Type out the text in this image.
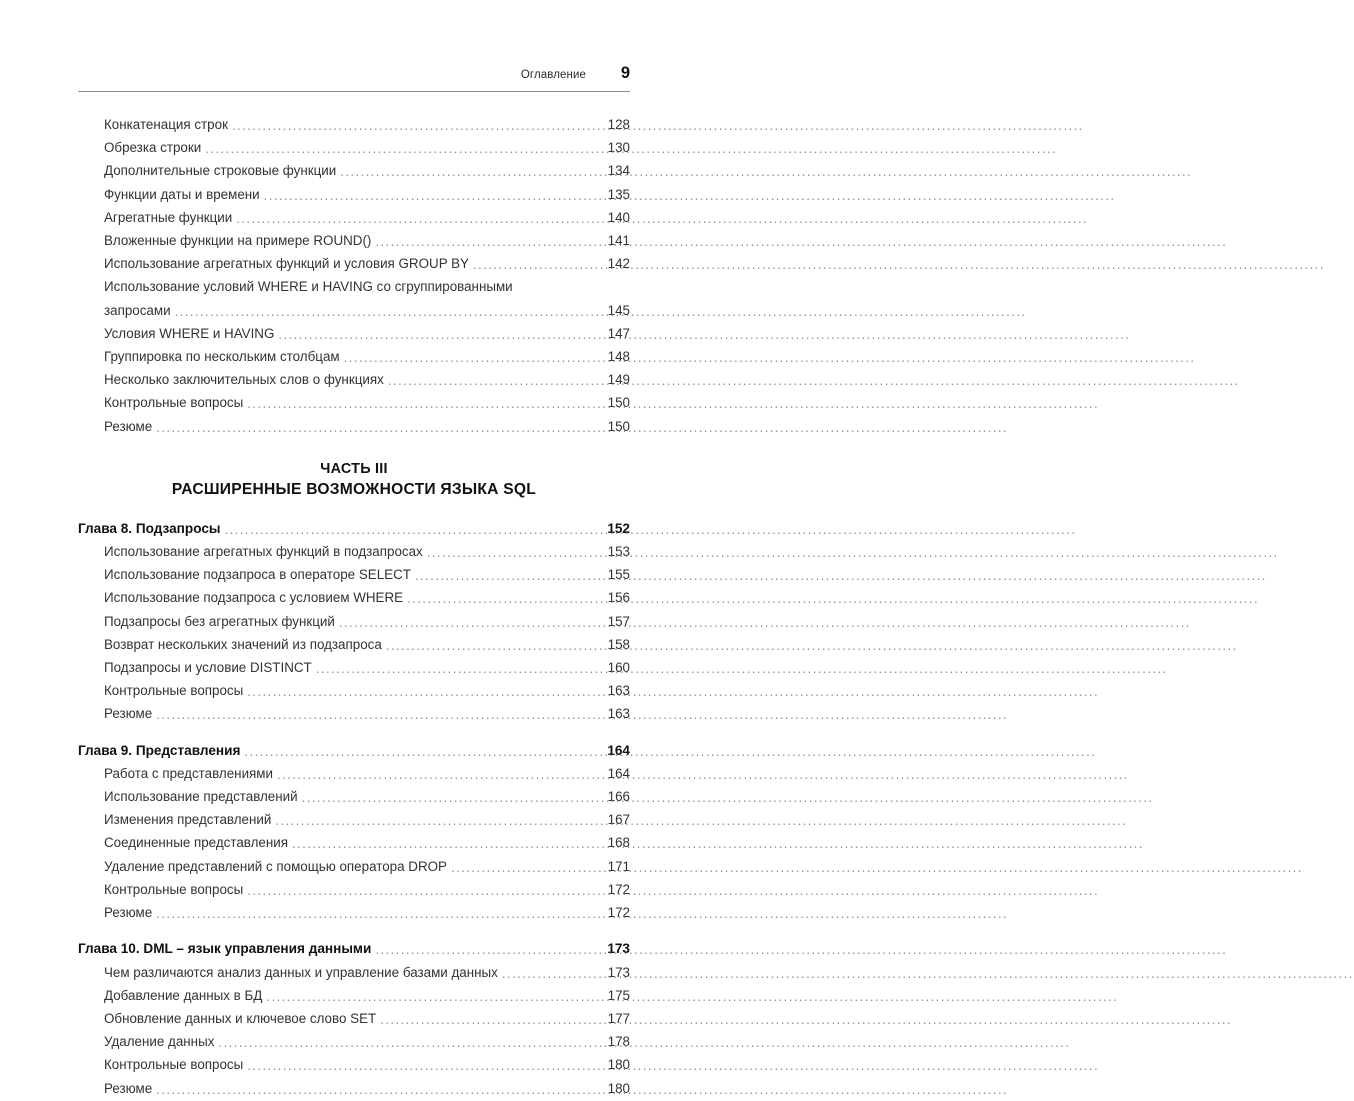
Оглавление	9
Конкатенация строк .....	128
Обрезка строки .....	130
Дополнительные строковые функции .....	134
Функции даты и времени .....	135
Агрегатные функции .....	140
Вложенные функции на примере ROUND() .....	141
Использование агрегатных функций и условия GROUP BY .....	142
Использование условий WHERE и HAVING со сгруппированными
запросами .....	145
Условия WHERE и HAVING .....	147
Группировка по нескольким столбцам .....	148
Несколько заключительных слов о функциях .....	149
Контрольные вопросы .....	150
Резюме .....	150
ЧАСТЬ III
РАСШИРЕННЫЕ ВОЗМОЖНОСТИ ЯЗЫКА SQL
Глава 8. Подзапросы .....	152
Использование агрегатных функций в подзапросах .....	153
Использование подзапроса в операторе SELECT .....	155
Использование подзапроса с условием WHERE .....	156
Подзапросы без агрегатных функций .....	157
Возврат нескольких значений из подзапроса .....	158
Подзапросы и условие DISTINCT .....	160
Контрольные вопросы .....	163
Резюме .....	163
Глава 9. Представления .....	164
Работа с представлениями .....	164
Использование представлений .....	166
Изменения представлений .....	167
Соединенные представления .....	168
Удаление представлений с помощью оператора DROP .....	171
Контрольные вопросы .....	172
Резюме .....	172
Глава 10. DML – язык управления данными .....	173
Чем различаются анализ данных и управление базами данных .....	173
Добавление данных в БД .....	175
Обновление данных и ключевое слово SET .....	177
Удаление данных .....	178
Контрольные вопросы .....	180
Резюме .....	180
